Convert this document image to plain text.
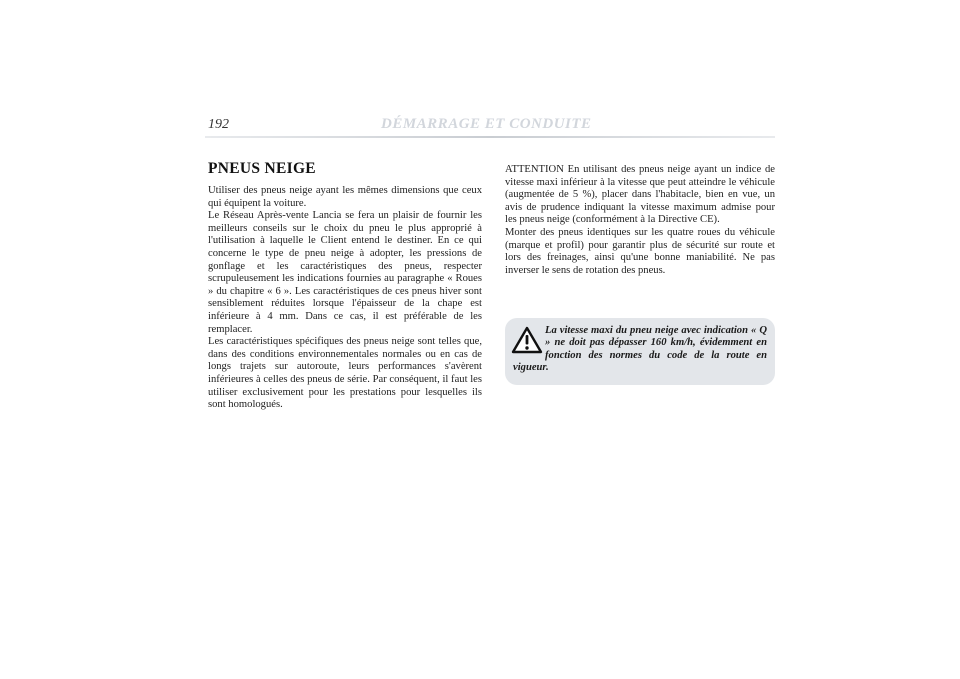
192	DÉMARRAGE ET CONDUITE
PNEUS NEIGE

Utiliser des pneus neige ayant les mêmes dimensions que ceux qui équipent la voiture.

Le Réseau Après-vente Lancia se fera un plaisir de fournir les meilleurs conseils sur le choix du pneu le plus approprié à l'utilisation à laquelle le Client entend le destiner. En ce qui concerne le type de pneu neige à adopter, les pressions de gonflage et les caractéristiques des pneus, respecter scrupuleusement les indications fournies au paragraphe « Roues » du chapitre « 6 ». Les caractéristiques de ces pneus hiver sont sensiblement réduites lorsque l'épaisseur de la chape est inférieure à 4 mm. Dans ce cas, il est préférable de les remplacer.

Les caractéristiques spécifiques des pneus neige sont telles que, dans des conditions environnementales normales ou en cas de longs trajets sur autoroute, leurs performances s'avèrent inférieures à celles des pneus de série. Par conséquent, il faut les utiliser exclusivement pour les prestations pour lesquelles ils sont homologués.

ATTENTION En utilisant des pneus neige ayant un indice de vitesse maxi inférieur à la vitesse que peut atteindre le véhicule (augmentée de 5 %), placer dans l'habitacle, bien en vue, un avis de prudence indiquant la vitesse maximum admise pour les pneus neige (conformément à la Directive CE).

Monter des pneus identiques sur les quatre roues du véhicule (marque et profil) pour garantir plus de sécurité sur route et lors des freinages, ainsi qu'une bonne maniabilité. Ne pas inverser le sens de rotation des pneus.

La vitesse maxi du pneu neige avec indication « Q » ne doit pas dépasser 160 km/h, évidemment en fonction des normes du code de la route en vigueur.
